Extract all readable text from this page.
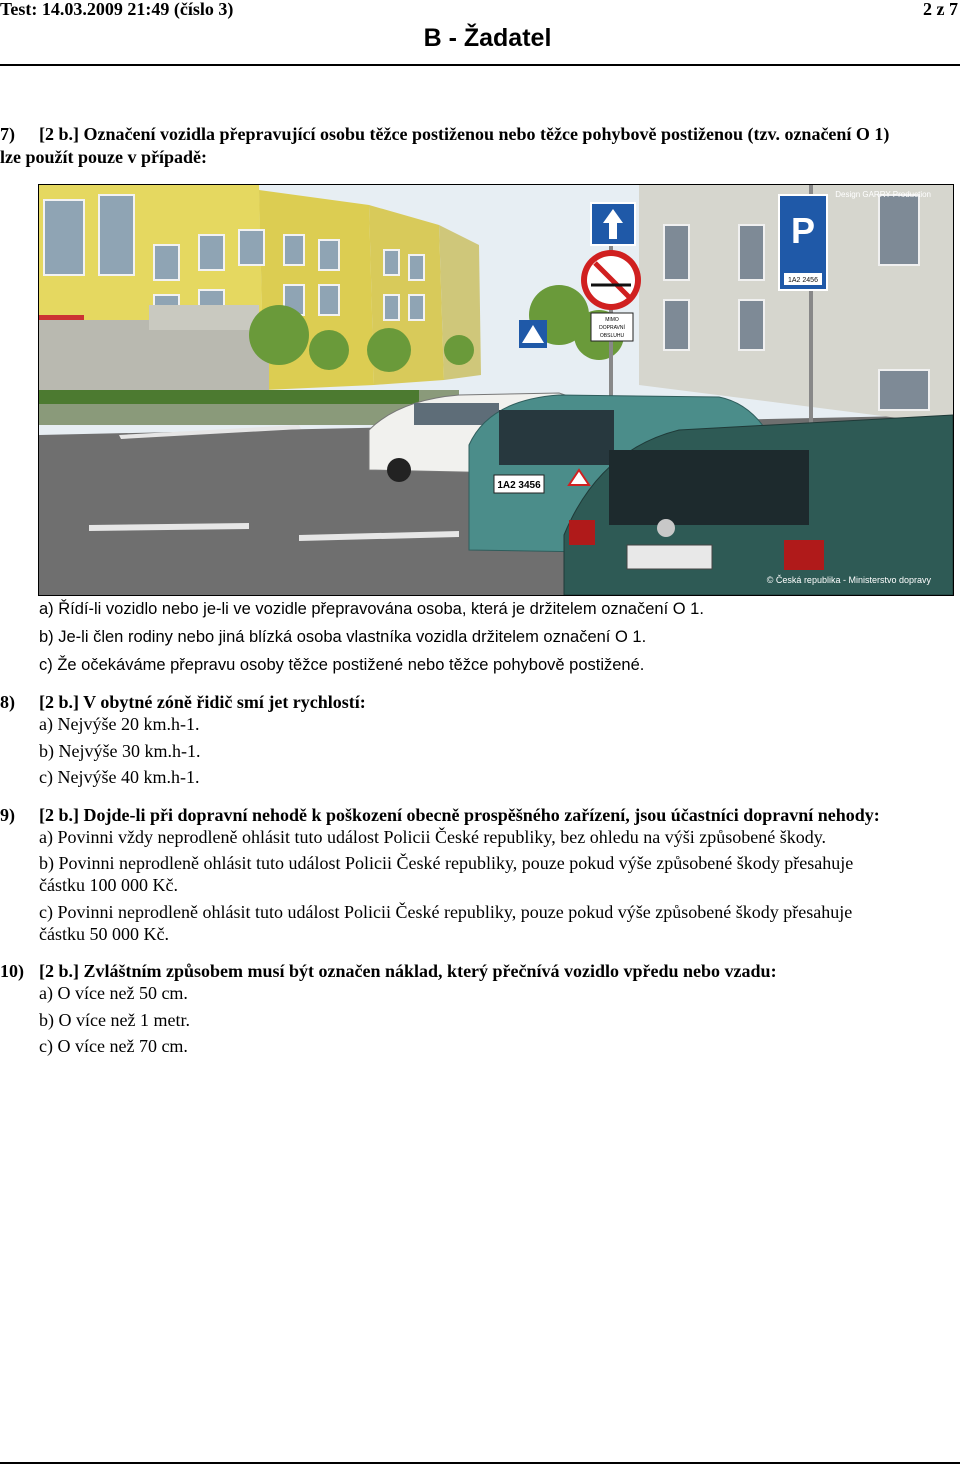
Test: 14.03.2009 21:49 (číslo 3)	2 z 7
B - Žadatel
7) [2 b.] Označení vozidla přepravující osobu těžce postiženou nebo těžce pohybově postiženou (tzv. označení O 1)
lze použít pouze v případě:
MIMO
DOPRAVNÍ
OBSLUHU
P
1A2 2456
1A2 3456
Design GARRY Production
© Česká republika - Ministerstvo dopravy
a) Řídí-li vozidlo nebo je-li ve vozidle přepravována osoba, která je držitelem označení O 1.
b) Je-li člen rodiny nebo jiná blízká osoba vlastníka vozidla držitelem označení O 1.
c) Že očekáváme přepravu osoby těžce postižené nebo těžce pohybově postižené.
8) [2 b.] V obytné zóně řidič smí jet rychlostí:
a) Nejvýše 20 km.h-1.
b) Nejvýše 30 km.h-1.
c) Nejvýše 40 km.h-1.
9) [2 b.] Dojde-li při dopravní nehodě k poškození obecně prospěšného zařízení, jsou účastníci dopravní nehody:
a) Povinni vždy neprodleně ohlásit tuto událost Policii České republiky, bez ohledu na výši způsobené škody.
b) Povinni neprodleně ohlásit tuto událost Policii České republiky, pouze pokud výše způsobené škody přesahuje
částku 100 000 Kč.
c) Povinni neprodleně ohlásit tuto událost Policii České republiky, pouze pokud výše způsobené škody přesahuje
částku 50 000 Kč.
10) [2 b.] Zvláštním způsobem musí být označen náklad, který přečnívá vozidlo vpředu nebo vzadu:
a) O více než 50 cm.
b) O více než 1 metr.
c) O více než 70 cm.
